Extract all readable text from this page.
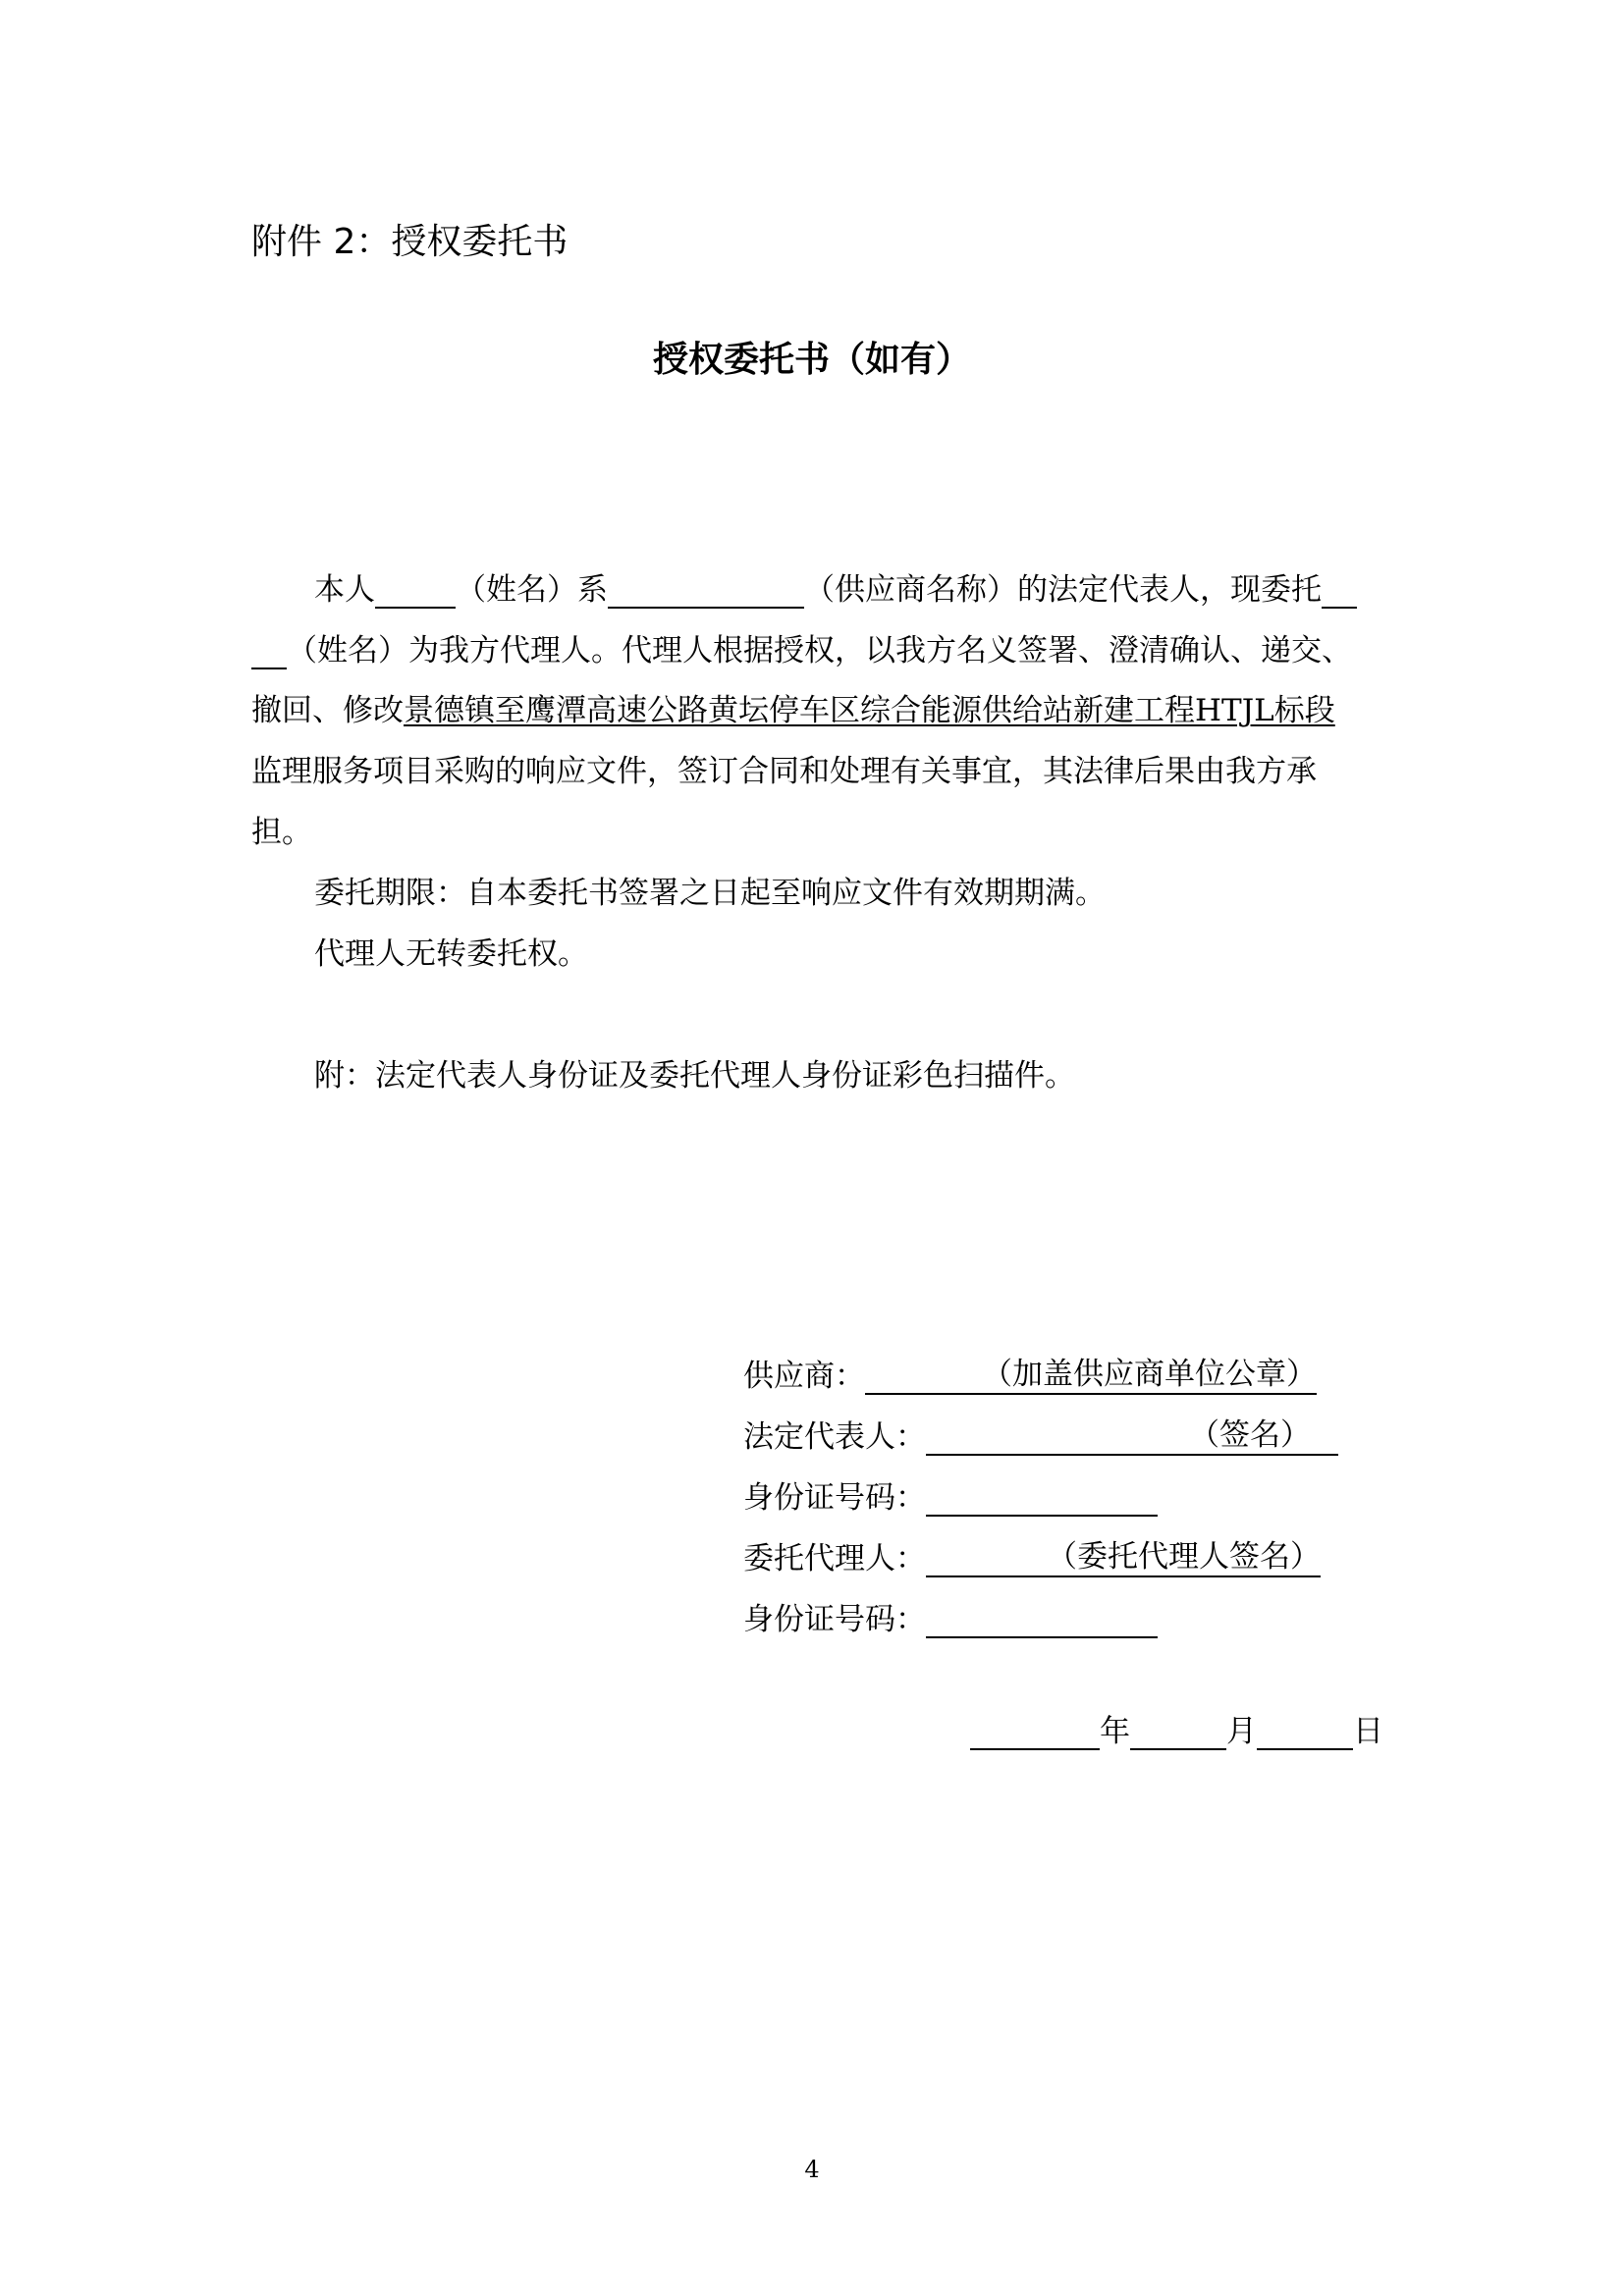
附件 2：授权委托书
授权委托书（如有）
本人	（姓名）系	（供应商名称）的法定代表人，现委托
（姓名）为我方代理人。代理人根据授权，以我方名义签署、澄清确认、递交、
撤回、修改景德镇至鹰潭高速公路黄坛停车区综合能源供给站新建工程HTJL标段
监理服务项目采购的响应文件，签订合同和处理有关事宜，其法律后果由我方承
担。
委托期限：自本委托书签署之日起至响应文件有效期期满。
代理人无转委托权。
附：法定代表人身份证及委托代理人身份证彩色扫描件。
供应商：	（加盖供应商单位公章）
法定代表人：	（签名）
身份证号码：
委托代理人：	（委托代理人签名）
身份证号码：
年	月	日
4
